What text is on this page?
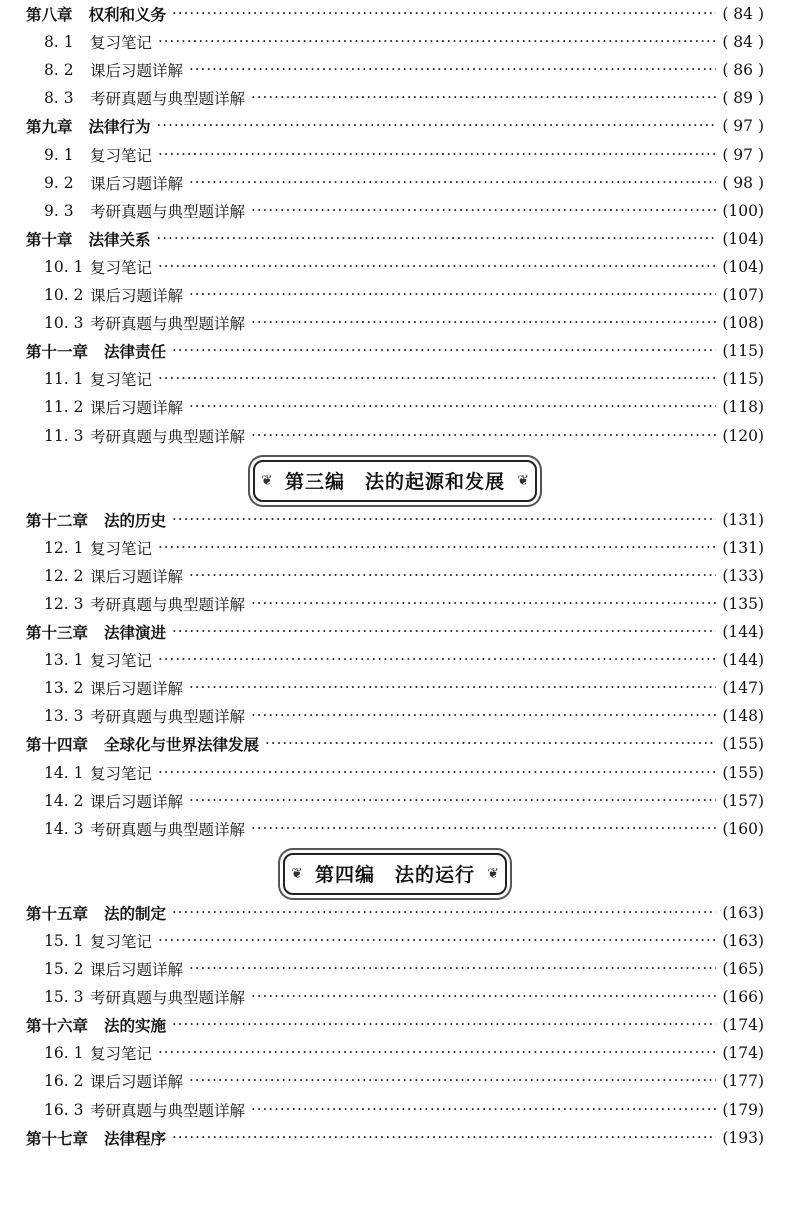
第八章 权利和义务 ·····	( 84 )
8. 1	复习笔记 ·····	( 84 )
8. 2	课后习题详解 ·····	( 86 )
8. 3	考研真题与典型题详解 ·····	( 89 )
第九章 法律行为 ·····	( 97 )
9. 1	复习笔记 ·····	( 97 )
9. 2	课后习题详解 ·····	( 98 )
9. 3	考研真题与典型题详解 ·····	(100)
第十章 法律关系 ·····	(104)
10. 1 复习笔记 ·····	(104)
10. 2 课后习题详解 ·····	(107)
10. 3 考研真题与典型题详解 ·····	(108)
第十一章 法律责任 ·····	(115)
11. 1 复习笔记 ·····	(115)
11. 2 课后习题详解 ·····	(118)
11. 3 考研真题与典型题详解 ·····	(120)
❦ 第三编　法的起源和发展 ❦
第十二章 法的历史 ·····	(131)
12. 1 复习笔记 ·····	(131)
12. 2 课后习题详解 ·····	(133)
12. 3 考研真题与典型题详解 ·····	(135)
第十三章 法律演进 ·····	(144)
13. 1 复习笔记 ·····	(144)
13. 2 课后习题详解 ·····	(147)
13. 3 考研真题与典型题详解 ·····	(148)
第十四章 全球化与世界法律发展 ·····	(155)
14. 1 复习笔记 ·····	(155)
14. 2 课后习题详解 ·····	(157)
14. 3 考研真题与典型题详解 ·····	(160)
❦ 第四编　法的运行 ❦
第十五章 法的制定 ·····	(163)
15. 1 复习笔记 ·····	(163)
15. 2 课后习题详解 ·····	(165)
15. 3 考研真题与典型题详解 ·····	(166)
第十六章 法的实施 ·····	(174)
16. 1 复习笔记 ·····	(174)
16. 2 课后习题详解 ·····	(177)
16. 3 考研真题与典型题详解 ·····	(179)
第十七章 法律程序 ·····	(193)
